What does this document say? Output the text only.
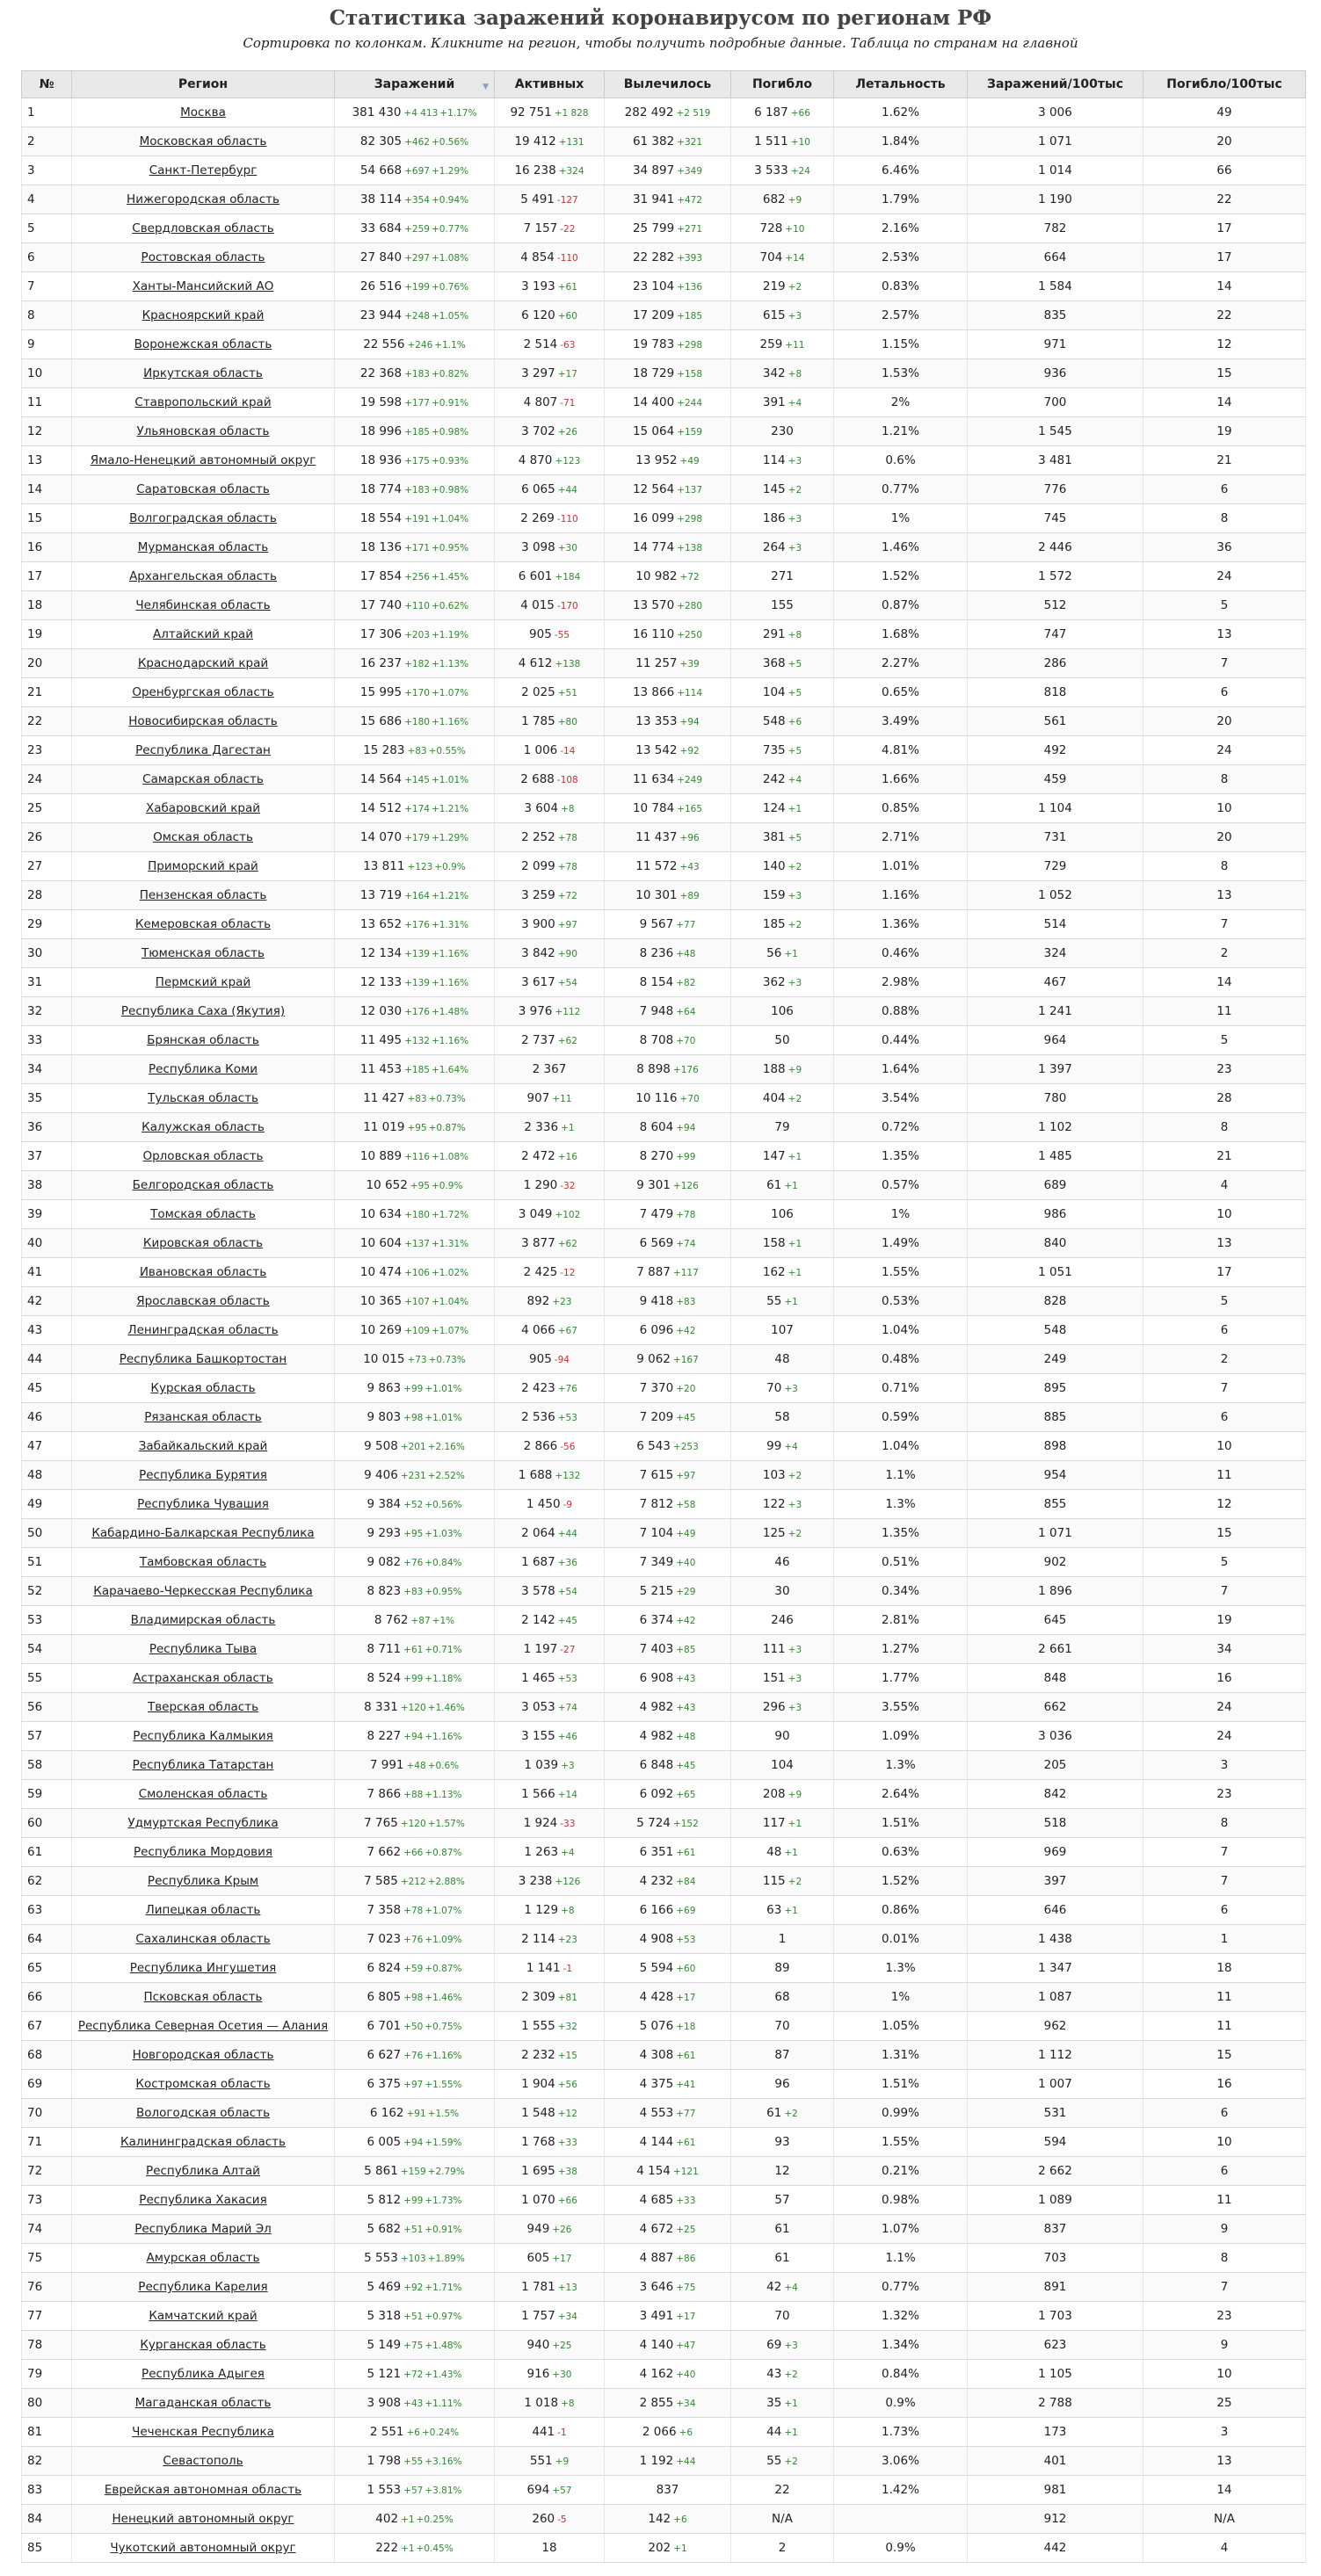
Статистика заражений коронавирусом по регионам РФ
Сортировка по колонкам. Кликните на регион, чтобы получить подробные данные. Таблица по странам на главной
№	Регион	Заражений ▼	Активных	Вылечилось	Погибло	Летальность	Заражений/100тыс	Погибло/100тыс
1	Москва	381 430 +4 413 +1.17%	92 751 +1 828	282 492 +2 519	6 187 +66	1.62%	3 006	49
2	Московская область	82 305 +462 +0.56%	19 412 +131	61 382 +321	1 511 +10	1.84%	1 071	20
3	Санкт-Петербург	54 668 +697 +1.29%	16 238 +324	34 897 +349	3 533 +24	6.46%	1 014	66
4	Нижегородская область	38 114 +354 +0.94%	5 491 -127	31 941 +472	682 +9	1.79%	1 190	22
5	Свердловская область	33 684 +259 +0.77%	7 157 -22	25 799 +271	728 +10	2.16%	782	17
6	Ростовская область	27 840 +297 +1.08%	4 854 -110	22 282 +393	704 +14	2.53%	664	17
7	Ханты-Мансийский АО	26 516 +199 +0.76%	3 193 +61	23 104 +136	219 +2	0.83%	1 584	14
8	Красноярский край	23 944 +248 +1.05%	6 120 +60	17 209 +185	615 +3	2.57%	835	22
9	Воронежская область	22 556 +246 +1.1%	2 514 -63	19 783 +298	259 +11	1.15%	971	12
10	Иркутская область	22 368 +183 +0.82%	3 297 +17	18 729 +158	342 +8	1.53%	936	15
11	Ставропольский край	19 598 +177 +0.91%	4 807 -71	14 400 +244	391 +4	2%	700	14
12	Ульяновская область	18 996 +185 +0.98%	3 702 +26	15 064 +159	230	1.21%	1 545	19
13	Ямало-Ненецкий автономный округ	18 936 +175 +0.93%	4 870 +123	13 952 +49	114 +3	0.6%	3 481	21
14	Саратовская область	18 774 +183 +0.98%	6 065 +44	12 564 +137	145 +2	0.77%	776	6
15	Волгоградская область	18 554 +191 +1.04%	2 269 -110	16 099 +298	186 +3	1%	745	8
16	Мурманская область	18 136 +171 +0.95%	3 098 +30	14 774 +138	264 +3	1.46%	2 446	36
17	Архангельская область	17 854 +256 +1.45%	6 601 +184	10 982 +72	271	1.52%	1 572	24
18	Челябинская область	17 740 +110 +0.62%	4 015 -170	13 570 +280	155	0.87%	512	5
19	Алтайский край	17 306 +203 +1.19%	905 -55	16 110 +250	291 +8	1.68%	747	13
20	Краснодарский край	16 237 +182 +1.13%	4 612 +138	11 257 +39	368 +5	2.27%	286	7
21	Оренбургская область	15 995 +170 +1.07%	2 025 +51	13 866 +114	104 +5	0.65%	818	6
22	Новосибирская область	15 686 +180 +1.16%	1 785 +80	13 353 +94	548 +6	3.49%	561	20
23	Республика Дагестан	15 283 +83 +0.55%	1 006 -14	13 542 +92	735 +5	4.81%	492	24
24	Самарская область	14 564 +145 +1.01%	2 688 -108	11 634 +249	242 +4	1.66%	459	8
25	Хабаровский край	14 512 +174 +1.21%	3 604 +8	10 784 +165	124 +1	0.85%	1 104	10
26	Омская область	14 070 +179 +1.29%	2 252 +78	11 437 +96	381 +5	2.71%	731	20
27	Приморский край	13 811 +123 +0.9%	2 099 +78	11 572 +43	140 +2	1.01%	729	8
28	Пензенская область	13 719 +164 +1.21%	3 259 +72	10 301 +89	159 +3	1.16%	1 052	13
29	Кемеровская область	13 652 +176 +1.31%	3 900 +97	9 567 +77	185 +2	1.36%	514	7
30	Тюменская область	12 134 +139 +1.16%	3 842 +90	8 236 +48	56 +1	0.46%	324	2
31	Пермский край	12 133 +139 +1.16%	3 617 +54	8 154 +82	362 +3	2.98%	467	14
32	Республика Саха (Якутия)	12 030 +176 +1.48%	3 976 +112	7 948 +64	106	0.88%	1 241	11
33	Брянская область	11 495 +132 +1.16%	2 737 +62	8 708 +70	50	0.44%	964	5
34	Республика Коми	11 453 +185 +1.64%	2 367	8 898 +176	188 +9	1.64%	1 397	23
35	Тульская область	11 427 +83 +0.73%	907 +11	10 116 +70	404 +2	3.54%	780	28
36	Калужская область	11 019 +95 +0.87%	2 336 +1	8 604 +94	79	0.72%	1 102	8
37	Орловская область	10 889 +116 +1.08%	2 472 +16	8 270 +99	147 +1	1.35%	1 485	21
38	Белгородская область	10 652 +95 +0.9%	1 290 -32	9 301 +126	61 +1	0.57%	689	4
39	Томская область	10 634 +180 +1.72%	3 049 +102	7 479 +78	106	1%	986	10
40	Кировская область	10 604 +137 +1.31%	3 877 +62	6 569 +74	158 +1	1.49%	840	13
41	Ивановская область	10 474 +106 +1.02%	2 425 -12	7 887 +117	162 +1	1.55%	1 051	17
42	Ярославская область	10 365 +107 +1.04%	892 +23	9 418 +83	55 +1	0.53%	828	5
43	Ленинградская область	10 269 +109 +1.07%	4 066 +67	6 096 +42	107	1.04%	548	6
44	Республика Башкортостан	10 015 +73 +0.73%	905 -94	9 062 +167	48	0.48%	249	2
45	Курская область	9 863 +99 +1.01%	2 423 +76	7 370 +20	70 +3	0.71%	895	7
46	Рязанская область	9 803 +98 +1.01%	2 536 +53	7 209 +45	58	0.59%	885	6
47	Забайкальский край	9 508 +201 +2.16%	2 866 -56	6 543 +253	99 +4	1.04%	898	10
48	Республика Бурятия	9 406 +231 +2.52%	1 688 +132	7 615 +97	103 +2	1.1%	954	11
49	Республика Чувашия	9 384 +52 +0.56%	1 450 -9	7 812 +58	122 +3	1.3%	855	12
50	Кабардино-Балкарская Республика	9 293 +95 +1.03%	2 064 +44	7 104 +49	125 +2	1.35%	1 071	15
51	Тамбовская область	9 082 +76 +0.84%	1 687 +36	7 349 +40	46	0.51%	902	5
52	Карачаево-Черкесская Республика	8 823 +83 +0.95%	3 578 +54	5 215 +29	30	0.34%	1 896	7
53	Владимирская область	8 762 +87 +1%	2 142 +45	6 374 +42	246	2.81%	645	19
54	Республика Тыва	8 711 +61 +0.71%	1 197 -27	7 403 +85	111 +3	1.27%	2 661	34
55	Астраханская область	8 524 +99 +1.18%	1 465 +53	6 908 +43	151 +3	1.77%	848	16
56	Тверская область	8 331 +120 +1.46%	3 053 +74	4 982 +43	296 +3	3.55%	662	24
57	Республика Калмыкия	8 227 +94 +1.16%	3 155 +46	4 982 +48	90	1.09%	3 036	24
58	Республика Татарстан	7 991 +48 +0.6%	1 039 +3	6 848 +45	104	1.3%	205	3
59	Смоленская область	7 866 +88 +1.13%	1 566 +14	6 092 +65	208 +9	2.64%	842	23
60	Удмуртская Республика	7 765 +120 +1.57%	1 924 -33	5 724 +152	117 +1	1.51%	518	8
61	Республика Мордовия	7 662 +66 +0.87%	1 263 +4	6 351 +61	48 +1	0.63%	969	7
62	Республика Крым	7 585 +212 +2.88%	3 238 +126	4 232 +84	115 +2	1.52%	397	7
63	Липецкая область	7 358 +78 +1.07%	1 129 +8	6 166 +69	63 +1	0.86%	646	6
64	Сахалинская область	7 023 +76 +1.09%	2 114 +23	4 908 +53	1	0.01%	1 438	1
65	Республика Ингушетия	6 824 +59 +0.87%	1 141 -1	5 594 +60	89	1.3%	1 347	18
66	Псковская область	6 805 +98 +1.46%	2 309 +81	4 428 +17	68	1%	1 087	11
67	Республика Северная Осетия — Алания	6 701 +50 +0.75%	1 555 +32	5 076 +18	70	1.05%	962	11
68	Новгородская область	6 627 +76 +1.16%	2 232 +15	4 308 +61	87	1.31%	1 112	15
69	Костромская область	6 375 +97 +1.55%	1 904 +56	4 375 +41	96	1.51%	1 007	16
70	Вологодская область	6 162 +91 +1.5%	1 548 +12	4 553 +77	61 +2	0.99%	531	6
71	Калининградская область	6 005 +94 +1.59%	1 768 +33	4 144 +61	93	1.55%	594	10
72	Республика Алтай	5 861 +159 +2.79%	1 695 +38	4 154 +121	12	0.21%	2 662	6
73	Республика Хакасия	5 812 +99 +1.73%	1 070 +66	4 685 +33	57	0.98%	1 089	11
74	Республика Марий Эл	5 682 +51 +0.91%	949 +26	4 672 +25	61	1.07%	837	9
75	Амурская область	5 553 +103 +1.89%	605 +17	4 887 +86	61	1.1%	703	8
76	Республика Карелия	5 469 +92 +1.71%	1 781 +13	3 646 +75	42 +4	0.77%	891	7
77	Камчатский край	5 318 +51 +0.97%	1 757 +34	3 491 +17	70	1.32%	1 703	23
78	Курганская область	5 149 +75 +1.48%	940 +25	4 140 +47	69 +3	1.34%	623	9
79	Республика Адыгея	5 121 +72 +1.43%	916 +30	4 162 +40	43 +2	0.84%	1 105	10
80	Магаданская область	3 908 +43 +1.11%	1 018 +8	2 855 +34	35 +1	0.9%	2 788	25
81	Чеченская Республика	2 551 +6 +0.24%	441 -1	2 066 +6	44 +1	1.73%	173	3
82	Севастополь	1 798 +55 +3.16%	551 +9	1 192 +44	55 +2	3.06%	401	13
83	Еврейская автономная область	1 553 +57 +3.81%	694 +57	837	22	1.42%	981	14
84	Ненецкий автономный округ	402 +1 +0.25%	260 -5	142 +6	N/A		912	N/A
85	Чукотский автономный округ	222 +1 +0.45%	18	202 +1	2	0.9%	442	4
